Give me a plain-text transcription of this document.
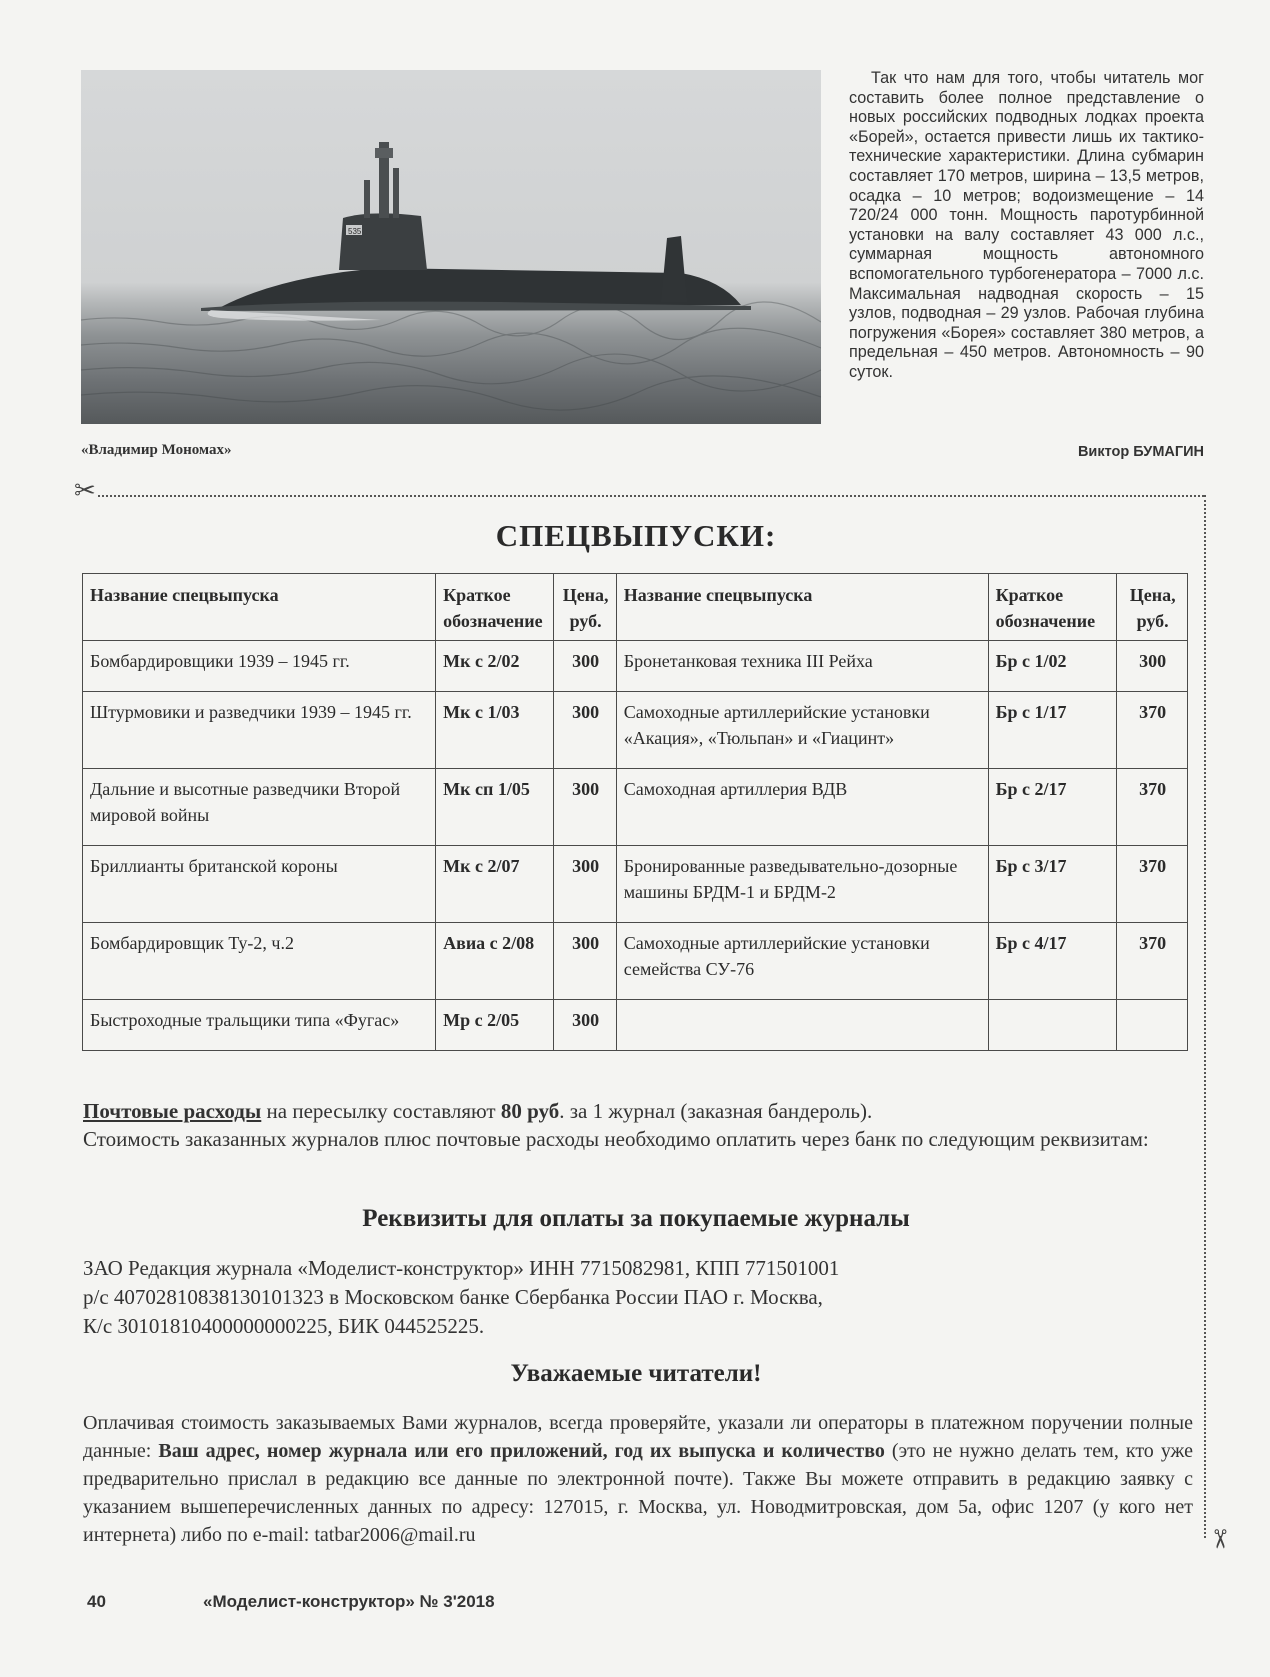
535
«Владимир Мономах»

Так что нам для того, чтобы читатель мог составить более полное представление о новых российских подводных лодках проекта «Борей», остается привести лишь их тактико-технические характеристики. Длина субмарин составляет 170 метров, ширина – 13,5 метров, осадка – 10 метров; водоизмещение – 14 720/24 000 тонн. Мощность паротурбинной установки на валу составляет 43 000 л.с., суммарная мощность автономного вспомогательного турбогенератора – 7000 л.с. Максимальная надводная скорость – 15 узлов, подводная – 29 узлов. Рабочая глубина погружения «Борея» составляет 380 метров, а предельная – 450 метров. Автономность – 90 суток.

Виктор БУМАГИН
✂
✂
СПЕЦВЫПУСКИ:
Название спецвыпуска	Краткое обозначение	Цена, руб.	Название спецвыпуска	Краткое обозначение	Цена, руб.
Бомбардировщики 1939 – 1945 гг.	Мк с 2/02	300	Бронетанковая техника III Рейха	Бр с 1/02	300
Штурмовики и разведчики 1939 – 1945 гг.	Мк с 1/03	300	Самоходные артиллерийские установки «Акация», «Тюльпан» и «Гиацинт»	Бр с 1/17	370
Дальние и высотные разведчики Второй мировой войны	Мк сп 1/05	300	Самоходная артиллерия ВДВ	Бр с 2/17	370
Бриллианты британской короны	Мк с 2/07	300	Бронированные разведывательно-дозорные машины БРДМ-1 и БРДМ-2	Бр с 3/17	370
Бомбардировщик Ту-2, ч.2	Авиа с 2/08	300	Самоходные артиллерийские установки семейства СУ-76	Бр с 4/17	370
Быстроходные тральщики типа «Фугас»	Мр с 2/05	300			

Почтовые расходы на пересылку составляют 80 руб. за 1 журнал (заказная бандероль).
Стоимость заказанных журналов плюс почтовые расходы необходимо оплатить через банк по следующим реквизитам:

Реквизиты для оплаты за покупаемые журналы

ЗАО Редакция журнала «Моделист-конструктор» ИНН 7715082981, КПП 771501001
р/с 40702810838130101323 в Московском банке Сбербанка России ПАО г. Москва,
К/с 30101810400000000225, БИК 044525225.

Уважаемые читатели!

Оплачивая стоимость заказываемых Вами журналов, всегда проверяйте, указали ли операторы в платежном поручении полные данные: Ваш адрес, номер журнала или его приложений, год их выпуска и количество (это не нужно делать тем, кто уже предварительно прислал в редакцию все данные по электронной почте). Также Вы можете отправить в редакцию заявку с указанием вышеперечисленных данных по адресу: 127015, г. Москва, ул. Новодмитровская, дом 5а, офис 1207 (у кого нет интернета) либо по e-mail: tatbar2006@mail.ru

40	«Моделист-конструктор» № 3'2018
